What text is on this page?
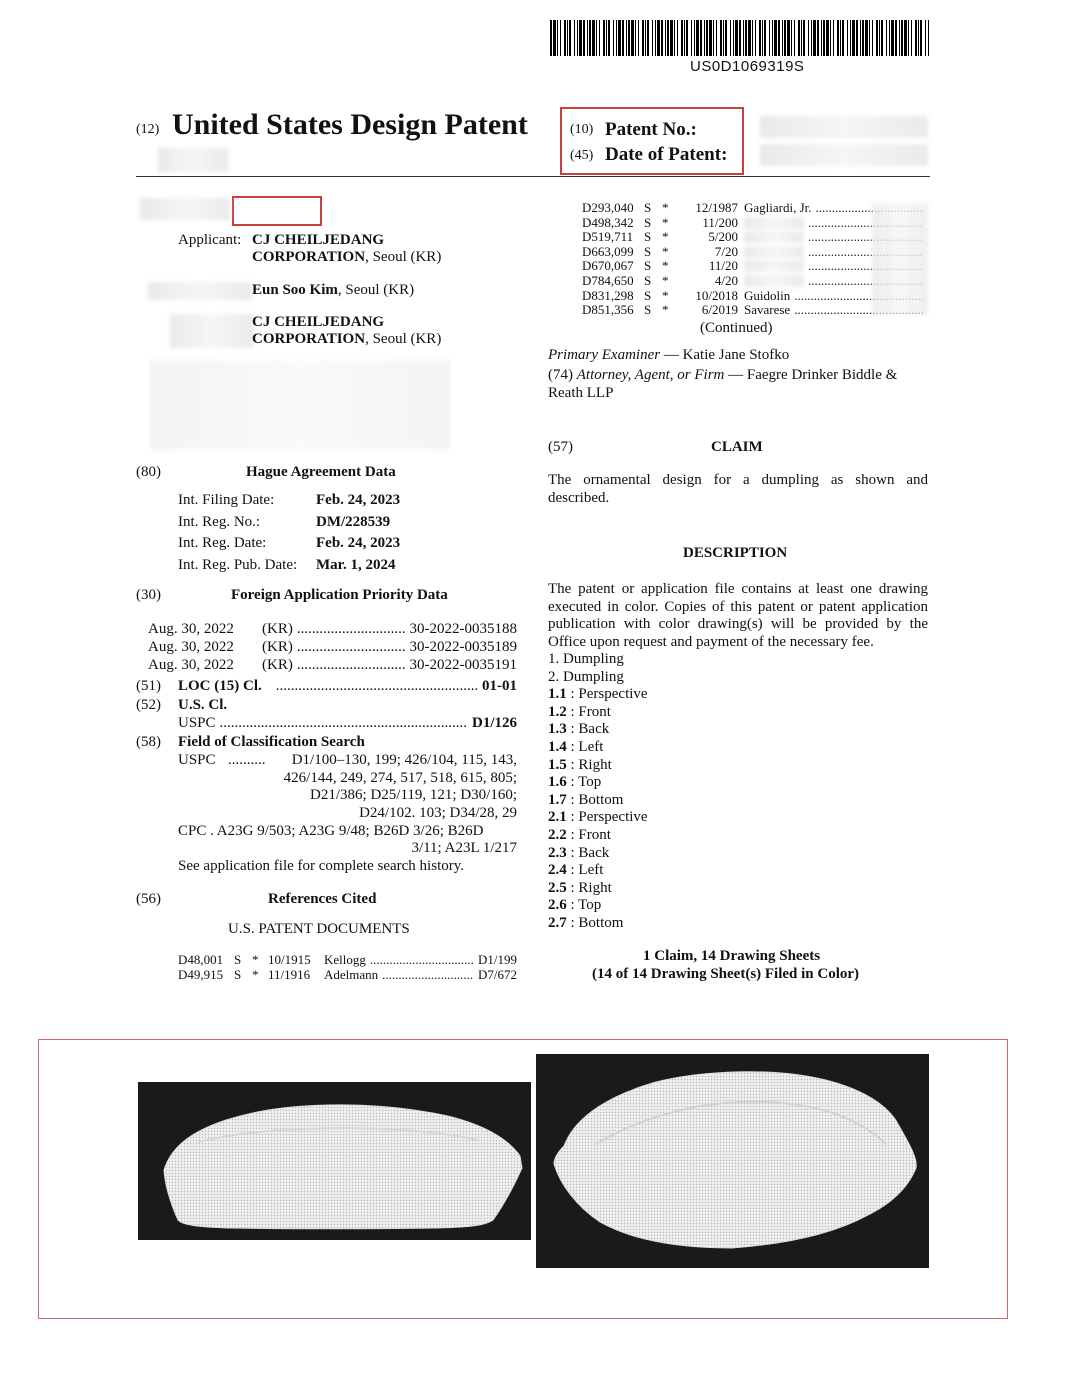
US0D1069319S
(12) United States Design Patent	(10) Patent No.:
(45) Date of Patent:
Applicant: CJ CHEILJEDANG
CORPORATION, Seoul (KR)
Eun Soo Kim, Seoul (KR)
CJ CHEILJEDANG
CORPORATION, Seoul (KR)
(80)	Hague Agreement Data
Int. Filing Date:	Feb. 24, 2023
Int. Reg. No.:	DM/228539
Int. Reg. Date:	Feb. 24, 2023
Int. Reg. Pub. Date:	Mar. 1, 2024
(30)	Foreign Application Priority Data
Aug. 30, 2022	(KR) .....	30-2022-0035188
Aug. 30, 2022	(KR) .....	30-2022-0035189
Aug. 30, 2022	(KR) .....	30-2022-0035191
(51) LOC (15) Cl. .....	01-01
(52) U.S. Cl.
USPC .....	D1/126
(58) Field of Classification Search
USPC ..........	D1/100–130, 199; 426/104, 115, 143,
426/144, 249, 274, 517, 518, 615, 805;
D21/386; D25/119, 121; D30/160;
D24/102. 103; D34/28, 29
CPC . A23G 9/503; A23G 9/48; B26D 3/26; B26D
3/11; A23L 1/217
See application file for complete search history.
(56)	References Cited
U.S. PATENT DOCUMENTS
D48,001 S * 10/1915	Kellogg .....	D1/199
D49,915 S * 11/1916	Adelmann .....	D7/672
D293,040 S *	12/1987 Gagliardi, Jr.
.....
D498,342 S *	11/200
.....
D519,711 S *	5/200
.....
D663,099 S *	7/20
.....
D670,067 S *	11/20
.....
D784,650 S *	4/20
.....
D831,298 S *	10/2018 Guidolin
.....
D851,356 S *	6/2019 Savarese
.....
(Continued)
Primary Examiner — Katie Jane Stofko
(74) Attorney, Agent, or Firm — Faegre Drinker Biddle &
Reath LLP
(57)	CLAIM
The ornamental design for a dumpling as shown and
described.
DESCRIPTION
The patent or application file contains at least one drawing
executed in color. Copies of this patent or patent application
publication with color drawing(s) will be provided by the
Office upon request and payment of the necessary fee.
1. Dumpling
2. Dumpling
1.1 : Perspective
1.2 : Front
1.3 : Back
1.4 : Left
1.5 : Right
1.6 : Top
1.7 : Bottom
2.1 : Perspective
2.2 : Front
2.3 : Back
2.4 : Left
2.5 : Right
2.6 : Top
2.7 : Bottom
1 Claim, 14 Drawing Sheets
(14 of 14 Drawing Sheet(s) Filed in Color)
